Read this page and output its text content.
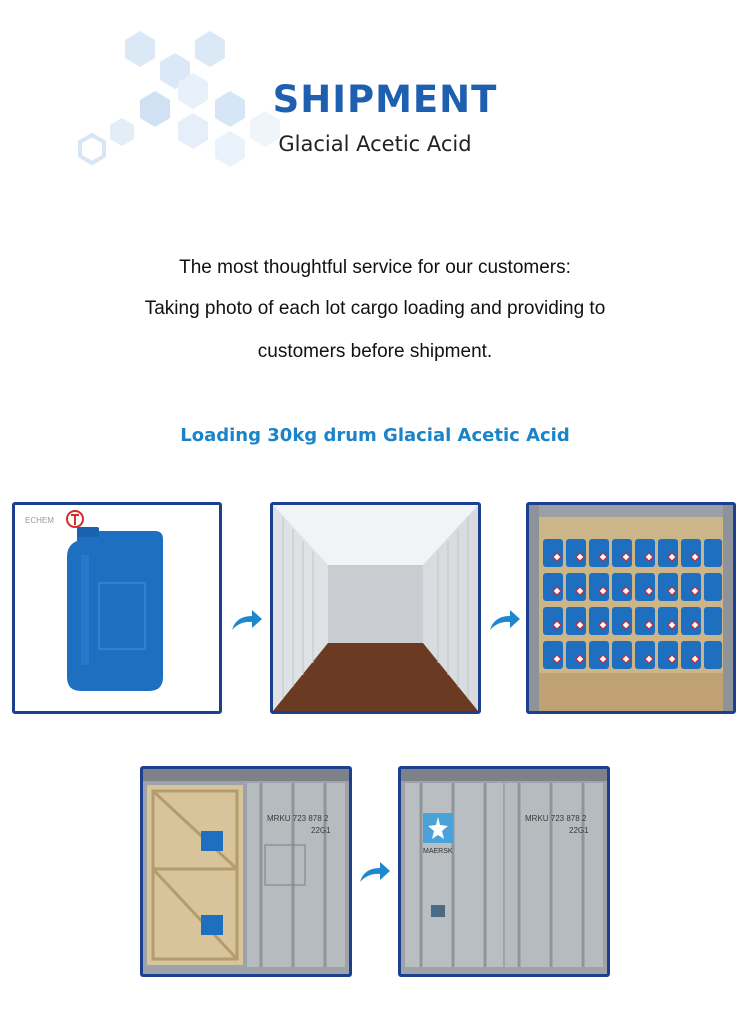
SHIPMENT
Glacial Acetic Acid
The most thoughtful service for our customers:
Taking photo of each lot cargo loading and providing to
customers before shipment.
Loading 30kg drum Glacial Acetic Acid
ECHEM
MRKU 723 878 2
22G1
MAERSK
MRKU 723 878 2
22G1
